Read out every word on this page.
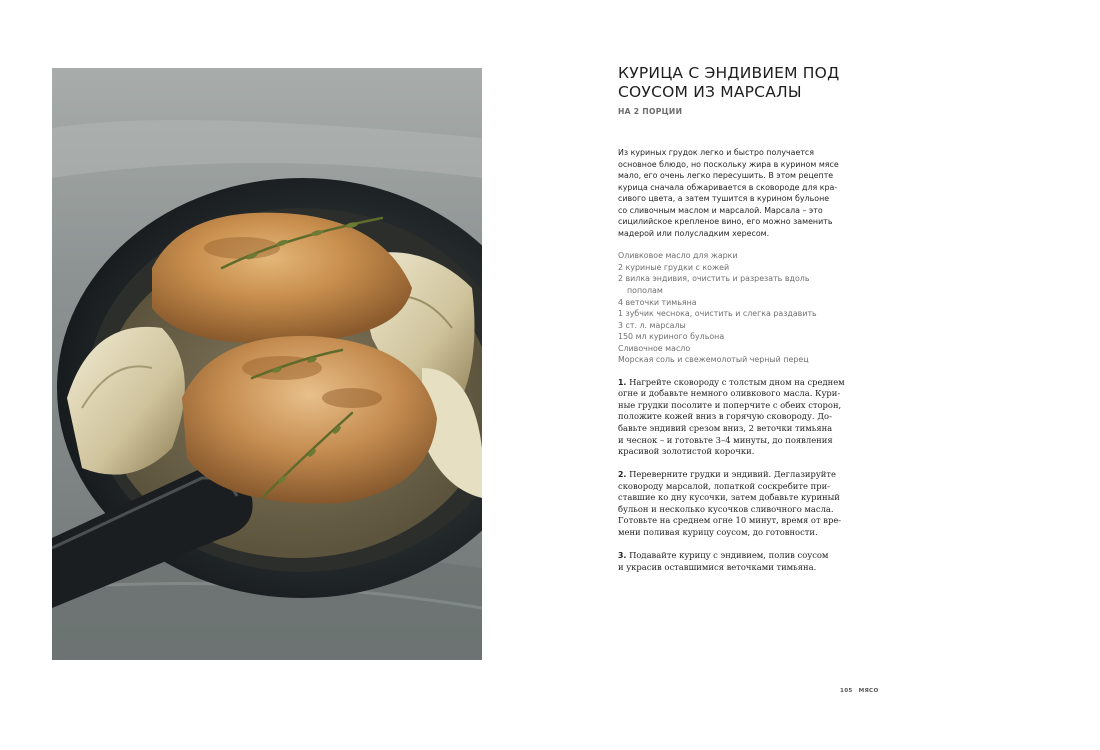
КУРИЦА С ЭНДИВИЕМ ПОД
СОУСОМ ИЗ МАРСАЛЫ
НА 2 ПОРЦИИ
Из куриных грудок легко и быстро получается
основное блюдо, но поскольку жира в курином мясе
мало, его очень легко пересушить. В этом рецепте
курица сначала обжаривается в сковороде для кра-
сивого цвета, а затем тушится в курином бульоне
со сливочным маслом и марсалой. Марсала – это
сицилийское крепленое вино, его можно заменить
мадерой или полусладким хересом.
Оливковое масло для жарки
2 куриные грудки с кожей
2 вилка эндивия, очистить и разрезать вдоль
пополам
4 веточки тимьяна
1 зубчик чеснока, очистить и слегка раздавить
3 ст. л. марсалы
150 мл куриного бульона
Сливочное масло
Морская соль и свежемолотый черный перец
1. Нагрейте сковороду с толстым дном на среднем
огне и добавьте немного оливкового масла. Кури-
ные грудки посолите и поперчите с обеих сторон,
положите кожей вниз в горячую сковороду. До-
бавьте эндивий срезом вниз, 2 веточки тимьяна
и чеснок – и готовьте 3–4 минуты, до появления
красивой золотистой корочки.
2. Переверните грудки и эндивий. Деглазируйте
сковороду марсалой, лопаткой соскребите при-
ставшие ко дну кусочки, затем добавьте куриный
бульон и несколько кусочков сливочного масла.
Готовьте на среднем огне 10 минут, время от вре-
мени поливая курицу соусом, до готовности.
3. Подавайте курицу с эндивием, полив соусом
и украсив оставшимися веточками тимьяна.
105 МЯСО
